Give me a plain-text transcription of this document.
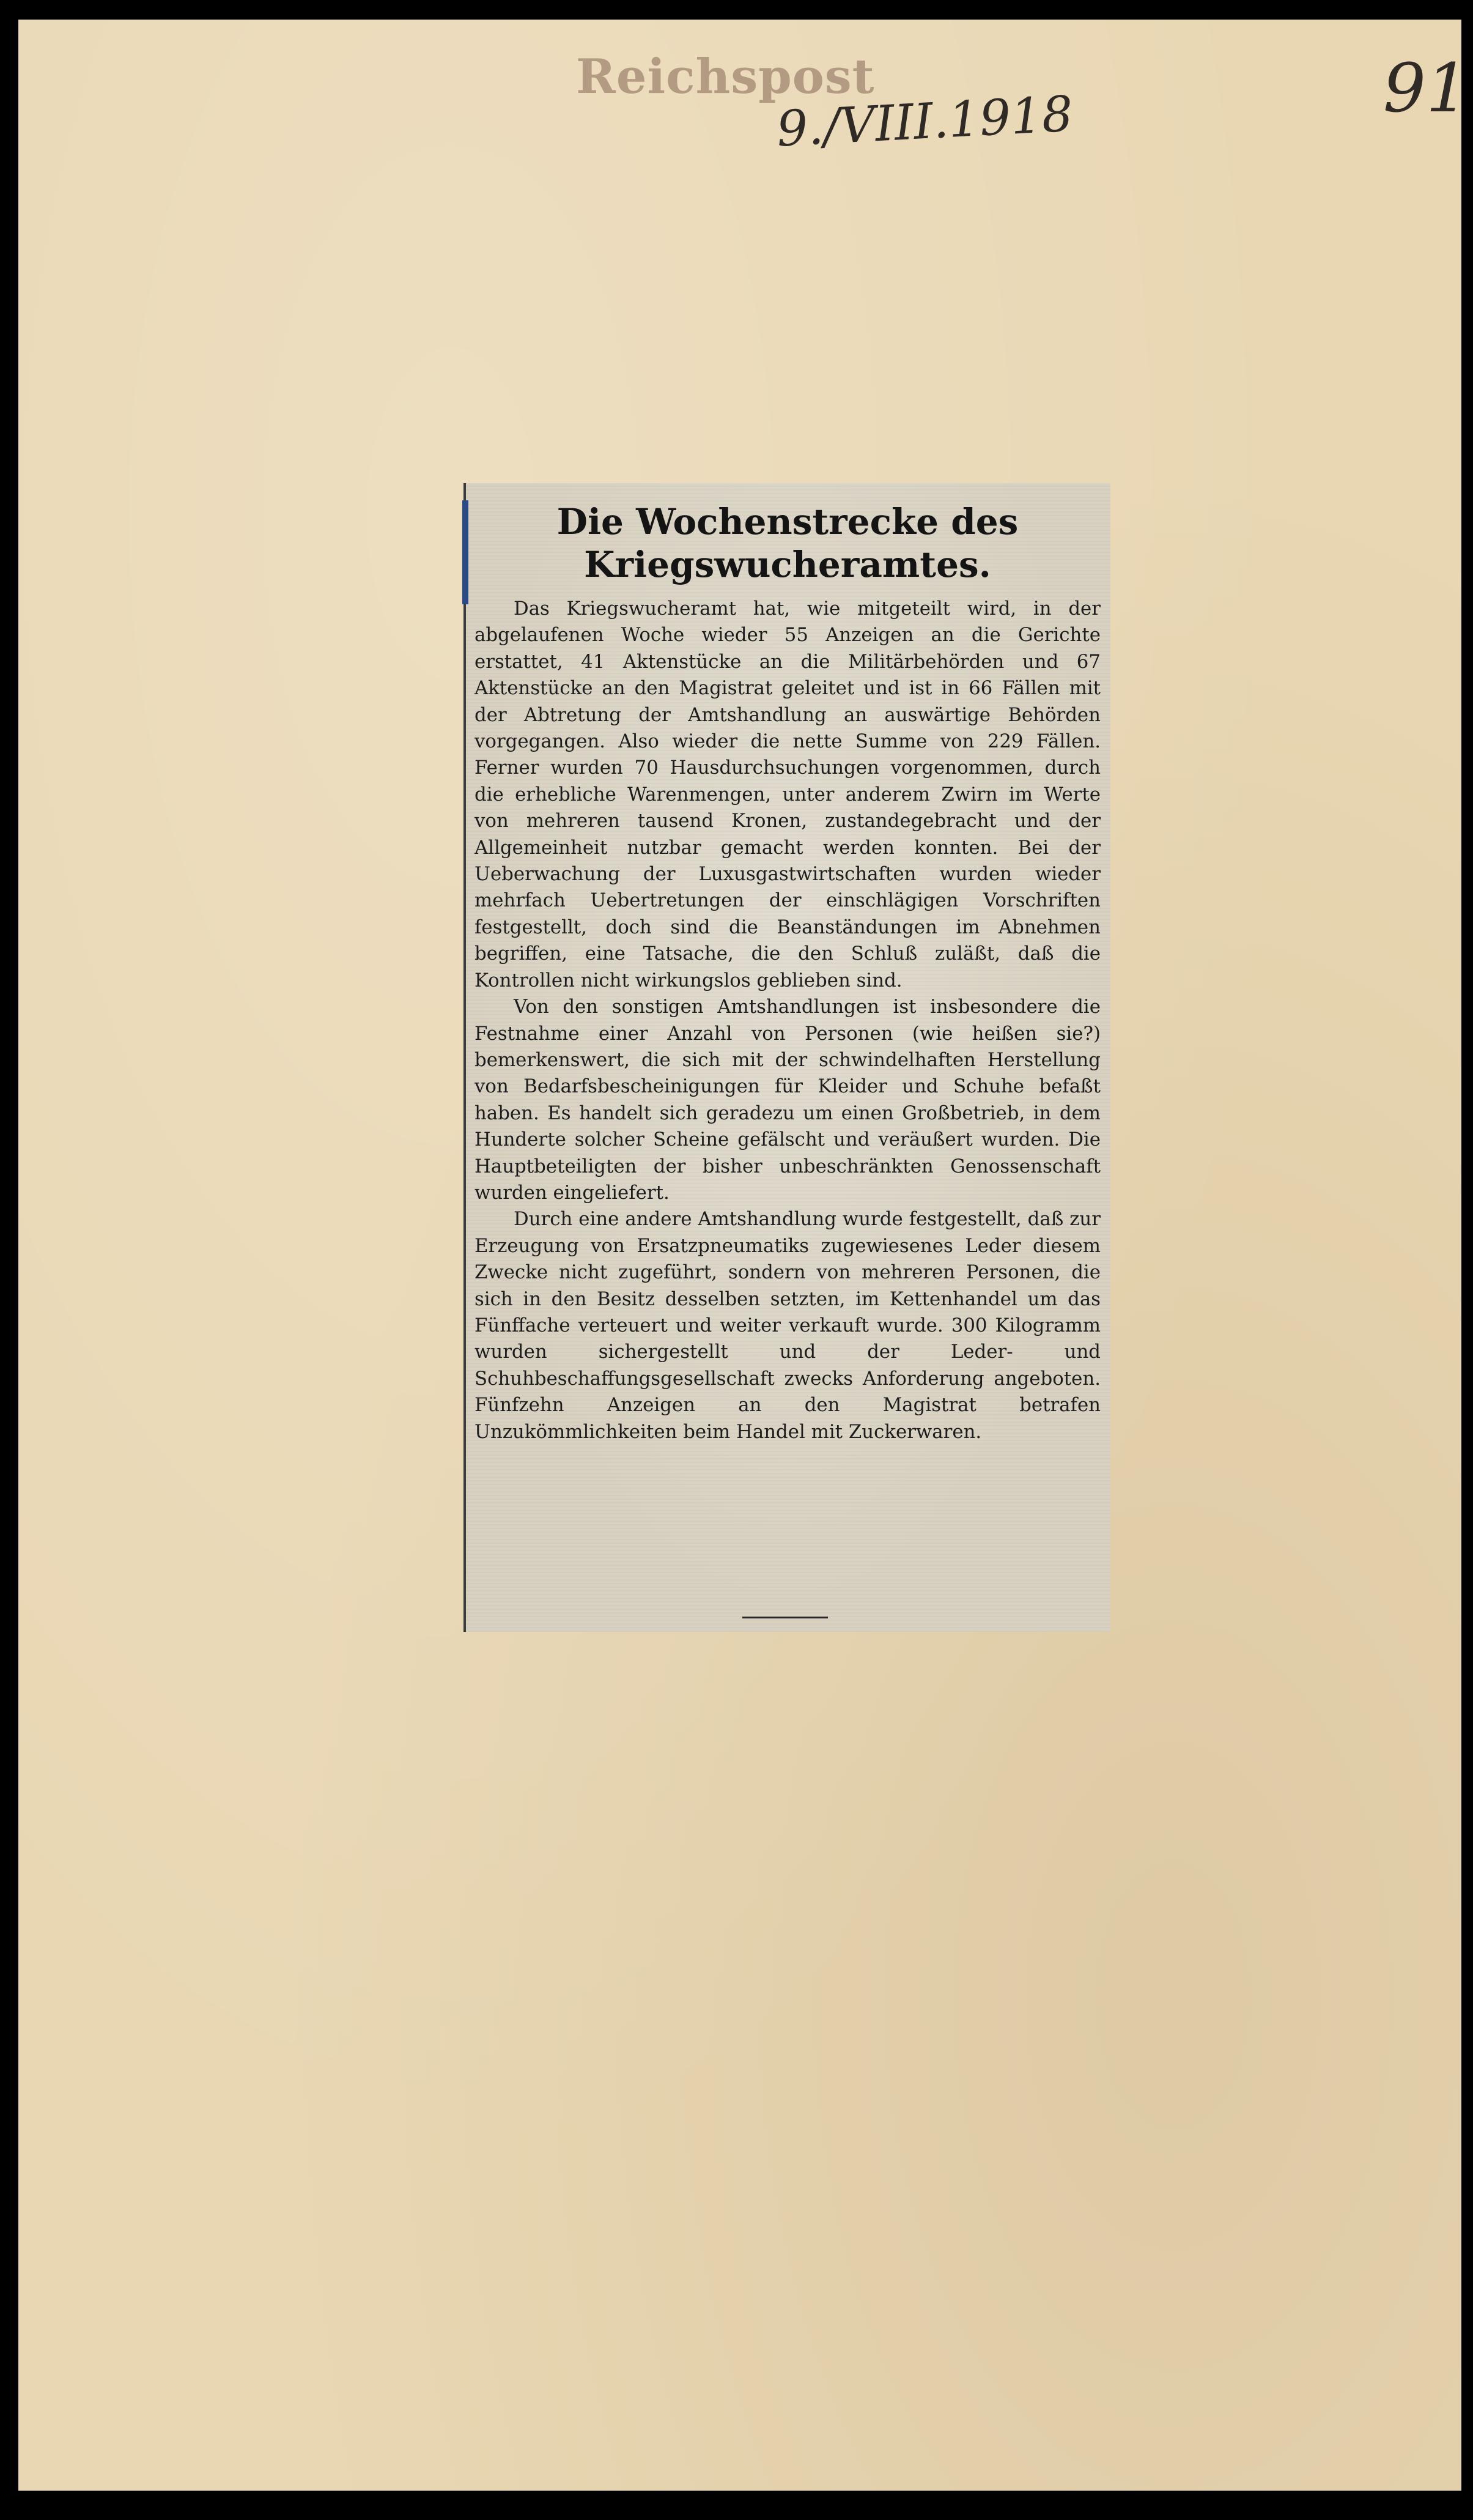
Reichspost
9./VIII.1918	91
Die Wochenstrecke des Kriegswucheramtes.

Das Kriegswucheramt hat, wie mitgeteilt wird, in der abgelaufenen Woche wieder 55 Anzeigen an die Gerichte erstattet, 41 Aktenstücke an die Militärbehörden und 67 Aktenstücke an den Magistrat geleitet und ist in 66 Fällen mit der Abtretung der Amtshandlung an auswärtige Behörden vorgegangen. Also wieder die nette Summe von 229 Fällen. Ferner wurden 70 Hausdurchsuchungen vorgenommen, durch die erhebliche Warenmengen, unter anderem Zwirn im Werte von mehreren tausend Kronen, zustandegebracht und der Allgemeinheit nutzbar gemacht werden konnten. Bei der Ueberwachung der Luxusgastwirtschaften wurden wieder mehrfach Uebertretungen der einschlägigen Vorschriften festgestellt, doch sind die Beanständungen im Abnehmen begriffen, eine Tatsache, die den Schluß zuläßt, daß die Kontrollen nicht wirkungslos geblieben sind.

Von den sonstigen Amtshandlungen ist insbesondere die Festnahme einer Anzahl von Personen (wie heißen sie?) bemerkenswert, die sich mit der schwindelhaften Herstellung von Bedarfsbescheinigungen für Kleider und Schuhe befaßt haben. Es handelt sich geradezu um einen Großbetrieb, in dem Hunderte solcher Scheine gefälscht und veräußert wurden. Die Hauptbeteiligten der bisher unbeschränkten Genossenschaft wurden eingeliefert.

Durch eine andere Amtshandlung wurde festgestellt, daß zur Erzeugung von Ersatzpneumatiks zugewiesenes Leder diesem Zwecke nicht zugeführt, sondern von mehreren Personen, die sich in den Besitz desselben setzten, im Kettenhandel um das Fünffache verteuert und weiter verkauft wurde. 300 Kilogramm wurden sichergestellt und der Leder- und Schuhbeschaffungsgesellschaft zwecks Anforderung angeboten. Fünfzehn Anzeigen an den Magistrat betrafen Unzukömmlichkeiten beim Handel mit Zuckerwaren.
